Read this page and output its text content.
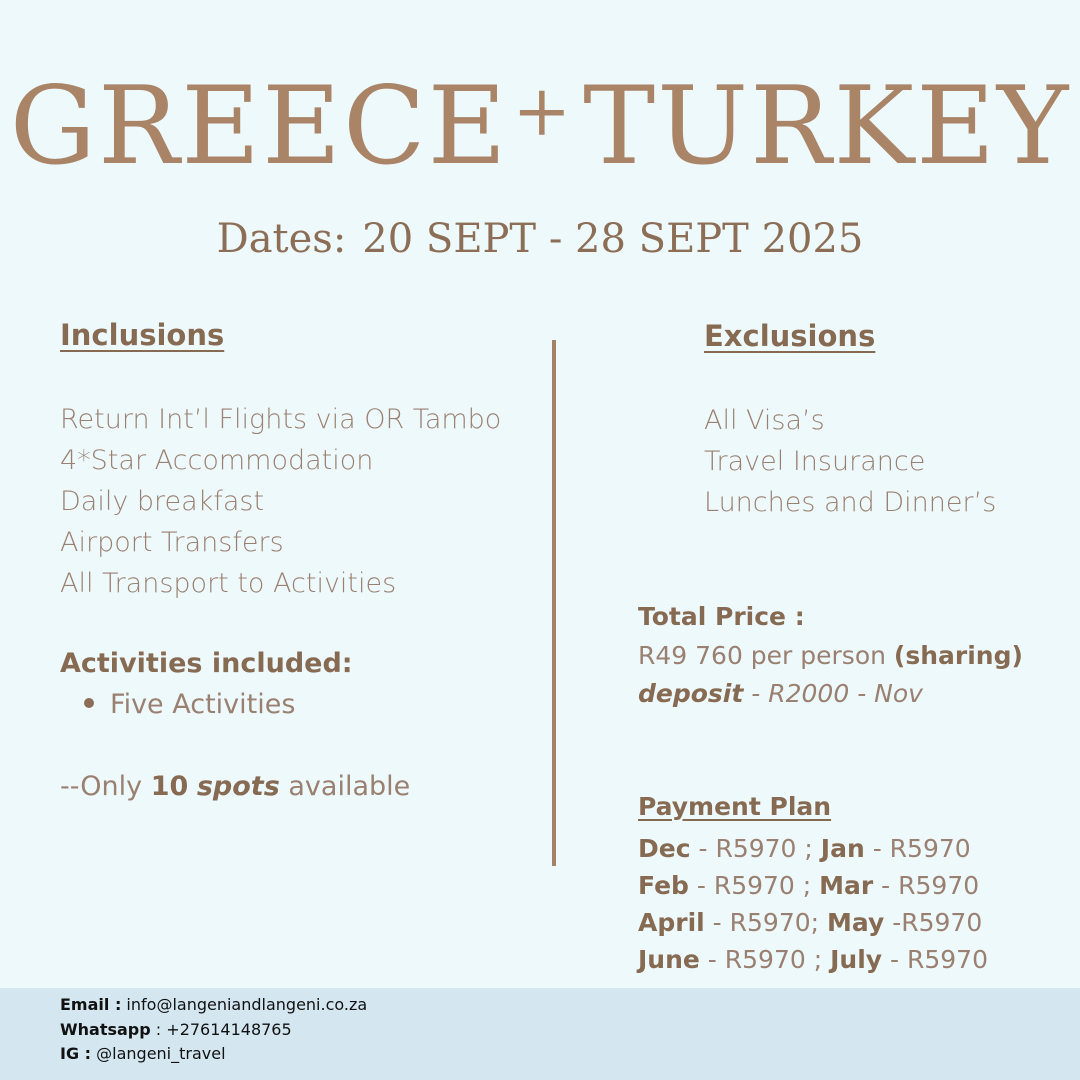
GREECE+TURKEY
Dates: 20 SEPT - 28 SEPT 2025
Inclusions
Return Int’l Flights via OR Tambo
4*Star Accommodation
Daily breakfast
Airport Transfers
All Transport to Activities
Activities included:
Five Activities
--Only 10 spots available
Exclusions
All Visa’s
Travel Insurance
Lunches and Dinner’s
Total Price :
R49 760 per person (sharing)
deposit - R2000 - Nov
Payment Plan
Dec - R5970 ; Jan - R5970
Feb - R5970 ; Mar - R5970
April - R5970; May -R5970
June - R5970 ; July - R5970
Email : info@langeniandlangeni.co.za
Whatsapp : +27614148765
IG : @langeni_travel
